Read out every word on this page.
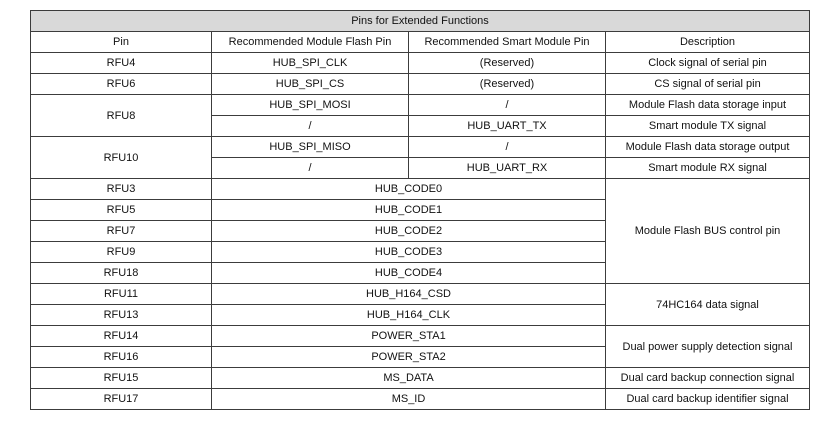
Pins for Extended Functions			
Pin	Recommended Module Flash Pin	Recommended Smart Module Pin	Description
RFU4	HUB_SPI_CLK	(Reserved)	Clock signal of serial pin
RFU6	HUB_SPI_CS	(Reserved)	CS signal of serial pin
RFU8	HUB_SPI_MOSI	/	Module Flash data storage input
	/	HUB_UART_TX	Smart module TX signal
RFU10	HUB_SPI_MISO	/	Module Flash data storage output
	/	HUB_UART_RX	Smart module RX signal
RFU3	HUB_CODE0		Module Flash BUS control pin
RFU5	HUB_CODE1		
RFU7	HUB_CODE2		
RFU9	HUB_CODE3		
RFU18	HUB_CODE4		
RFU11	HUB_H164_CSD		74HC164 data signal
RFU13	HUB_H164_CLK		
RFU14	POWER_STA1		Dual power supply detection signal
RFU16	POWER_STA2		
RFU15	MS_DATA		Dual card backup connection signal
RFU17	MS_ID		Dual card backup identifier signal
